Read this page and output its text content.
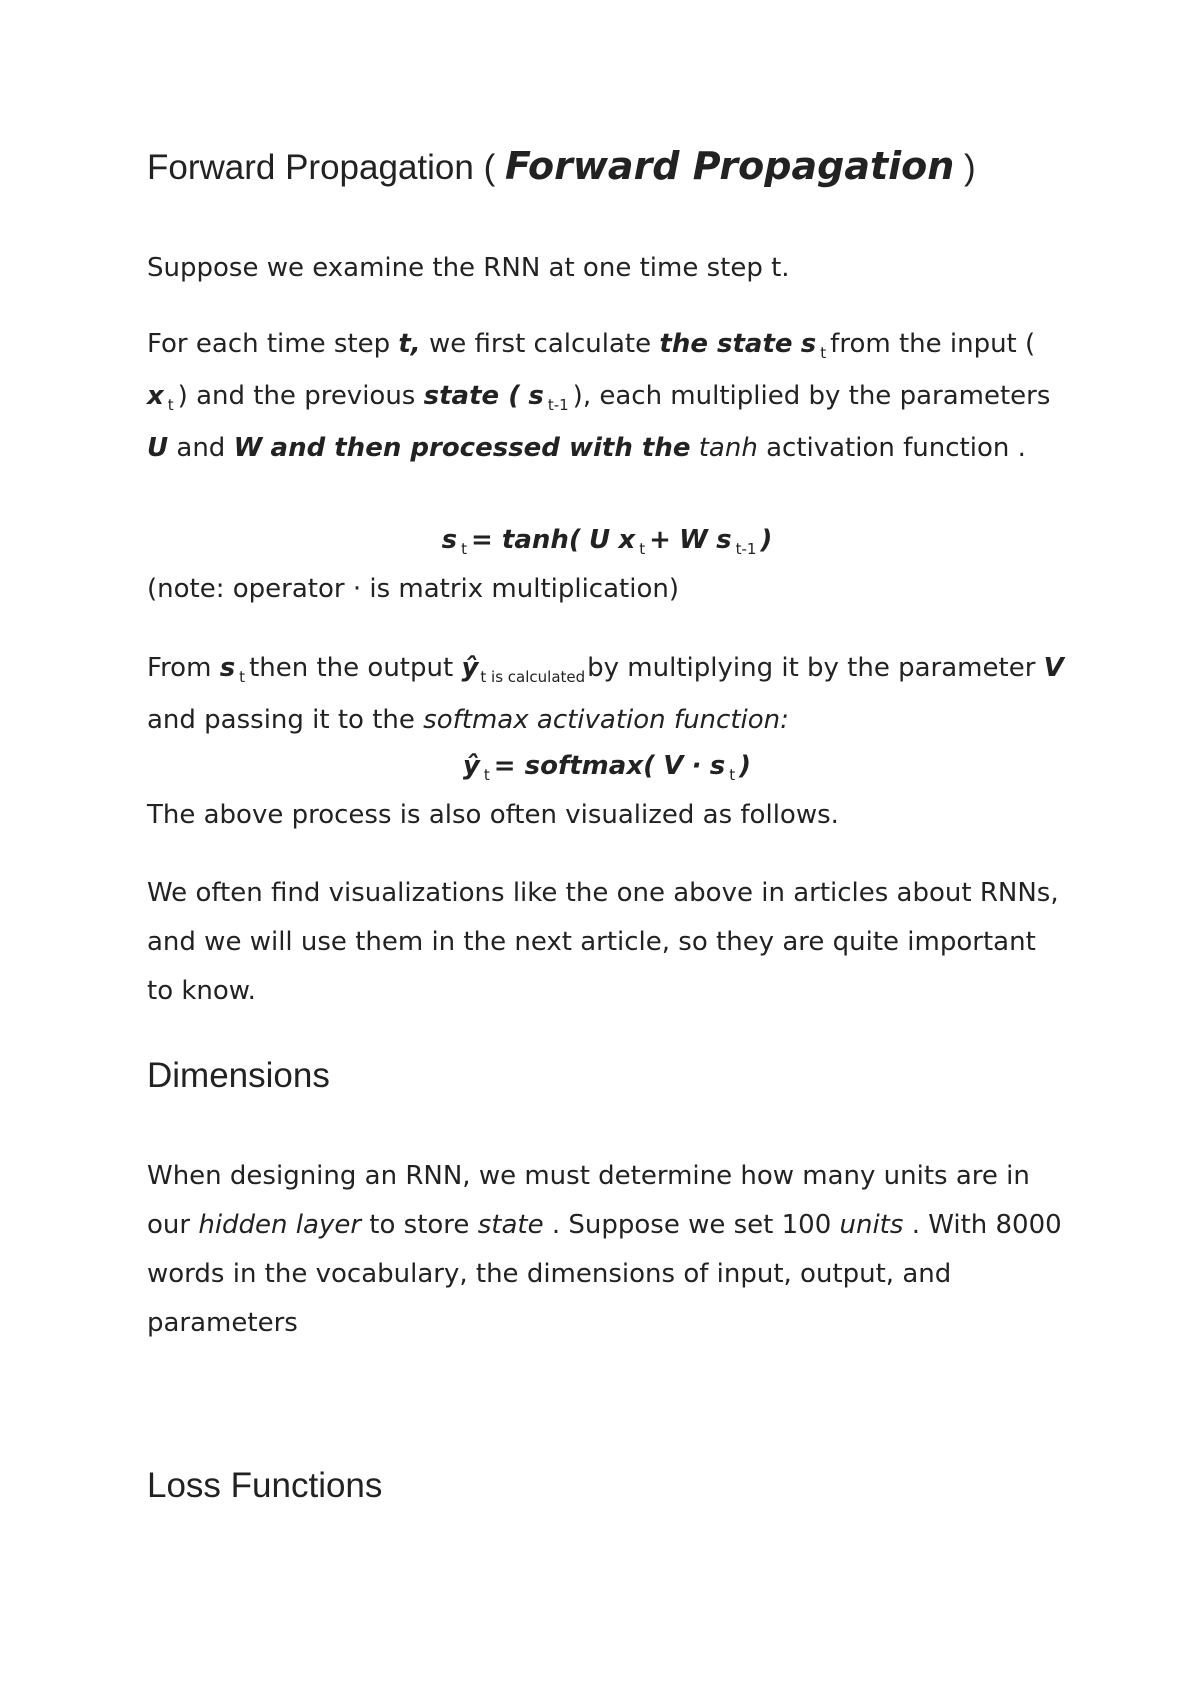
Forward Propagation ( Forward Propagation )
Suppose we examine the RNN at one time step t.
For each time step t, we first calculate the state s $_t$ from the input ( x $_t$ ) and the previous state ( s $_{t-1}$ ), each multiplied by the parameters U and W and then processed with the tanh activation function .
s $_t$ = tanh( U x $_t$ + W s $_{t-1}$ )
(note: operator · is matrix multiplication)
From s $_t$ then the output ŷ $_{t is calculated}$by multiplying it by the parameter V and passing it to the softmax activation function:
ŷ $_t$ = softmax( V · s $_t$ )
The above process is also often visualized as follows.
We often find visualizations like the one above in articles about RNNs, and we will use them in the next article, so they are quite important to know.
Dimensions
When designing an RNN, we must determine how many units are in our hidden layer to store state . Suppose we set 100 units . With 8000 words in the vocabulary, the dimensions of input, output, and parameters
Loss Functions
